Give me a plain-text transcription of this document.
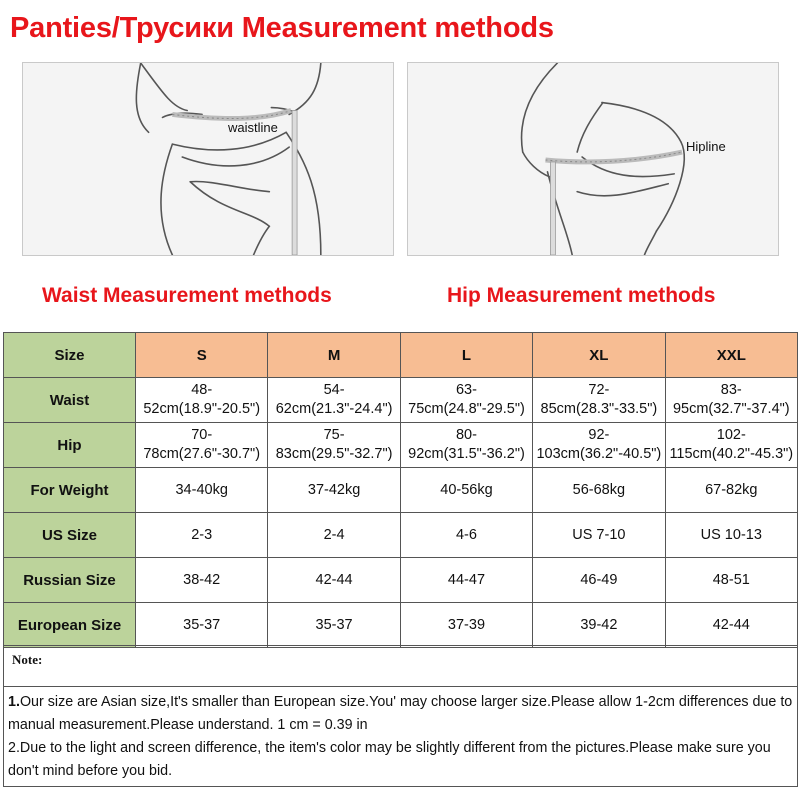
Panties/Трусики Measurement methods
waistline
Hipline
Waist Measurement methods	Hip Measurement methods
Size	S	M	L	XL	XXL
Waist	48-52cm(18.9"-20.5")	54-62cm(21.3"-24.4")	63-75cm(24.8"-29.5")	72-85cm(28.3"-33.5")	83-95cm(32.7"-37.4")
Hip	70-78cm(27.6"-30.7")	75-83cm(29.5"-32.7")	80-92cm(31.5"-36.2")	92-103cm(36.2"-40.5")	102-115cm(40.2"-45.3")
For Weight	34-40kg	37-42kg	40-56kg	56-68kg	67-82kg
US Size	2-3	2-4	4-6	US 7-10	US 10-13
Russian Size	38-42	42-44	44-47	46-49	48-51
European Size	35-37	35-37	37-39	39-42	42-44
Note:

1.Our size are Asian size,It's smaller than European size.You' may choose larger size.Please allow 1-2cm differences due to manual measurement.Please understand. 1 cm = 0.39 in

2.Due to the light and screen difference, the item's color may be slightly different from the pictures.Please make sure you don't mind before you bid.
